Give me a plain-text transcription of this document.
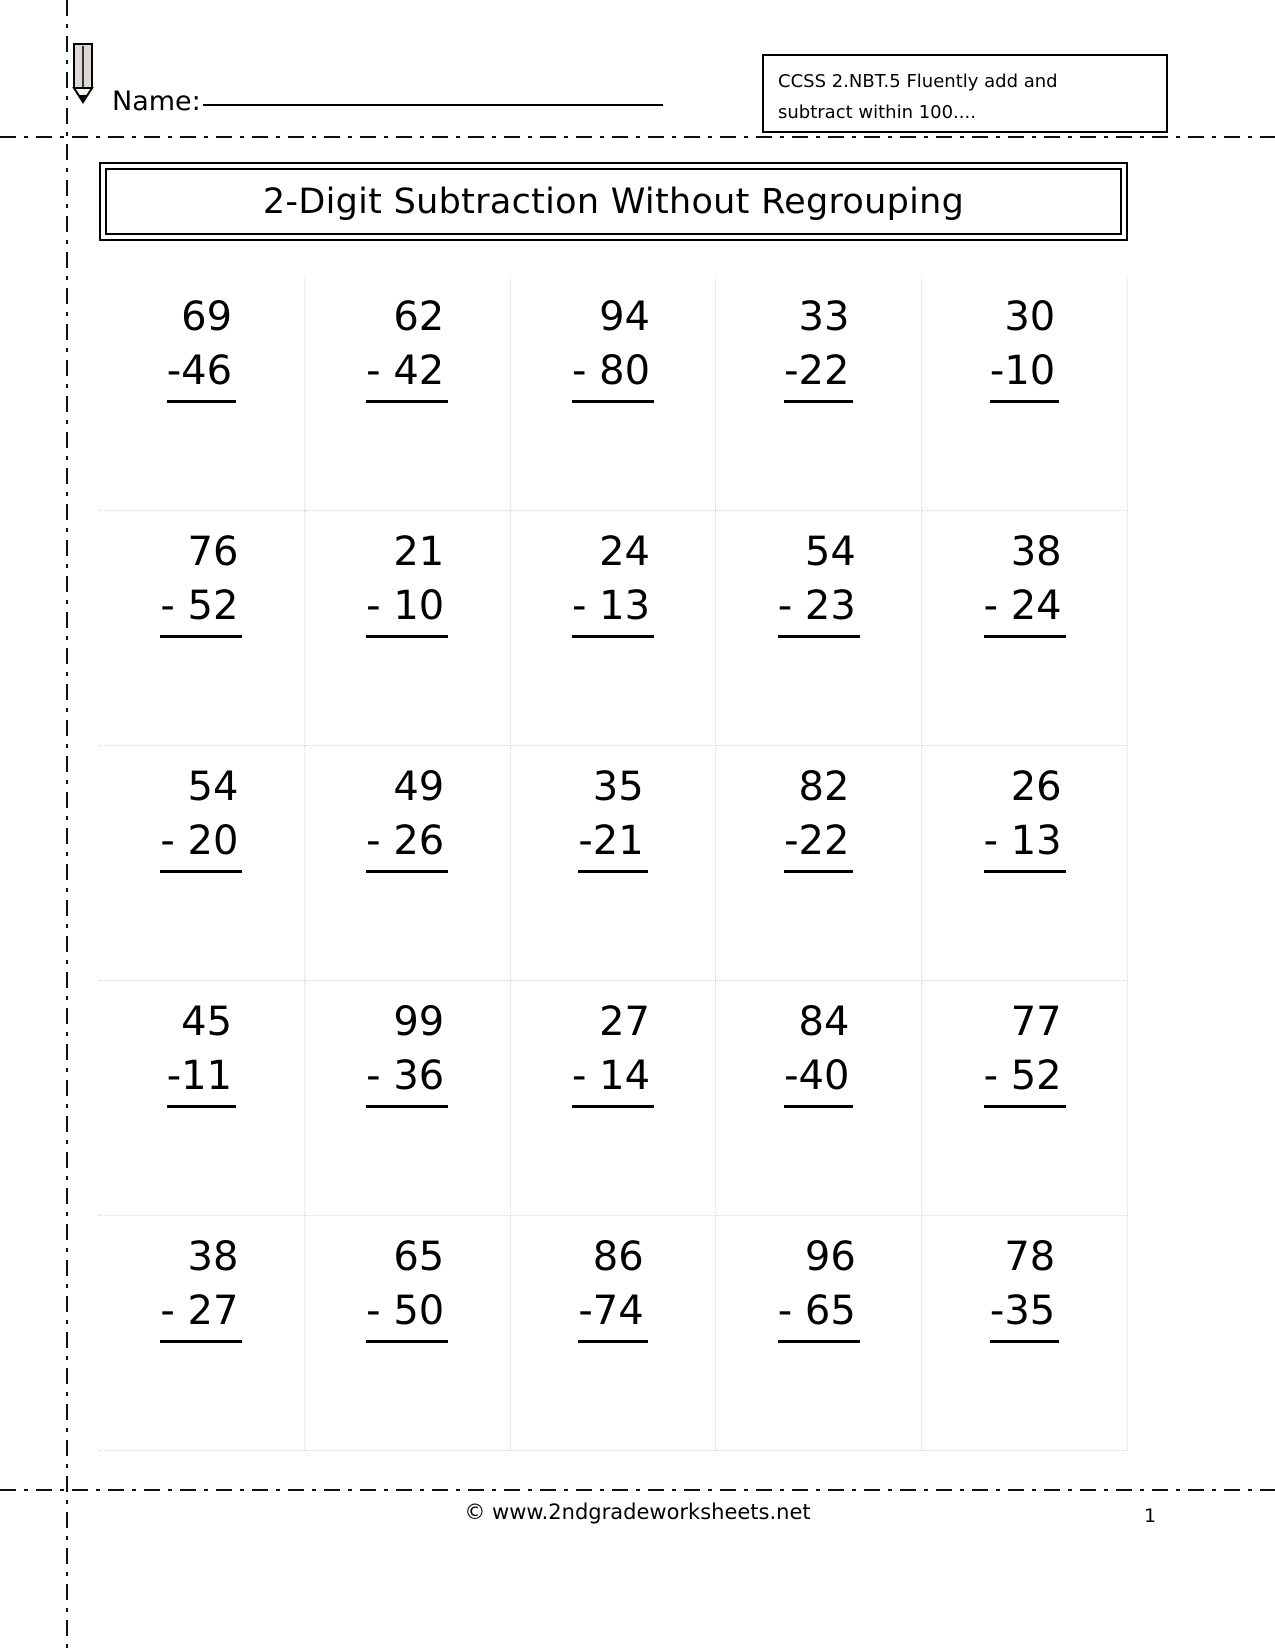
Name:
CCSS 2.NBT.5 Fluently add and
subtract within 100....
2-Digit Subtraction Without Regrouping
69
-46
62
- 42
94
- 80
33
-22
30
-10
76
- 52
21
- 10
24
- 13
54
- 23
38
- 24
54
- 20
49
- 26
35
-21
82
-22
26
- 13
45
-11
99
- 36
27
- 14
84
-40
77
- 52
38
- 27
65
- 50
86
-74
96
- 65
78
-35
© www.2ndgradeworksheets.net	1
